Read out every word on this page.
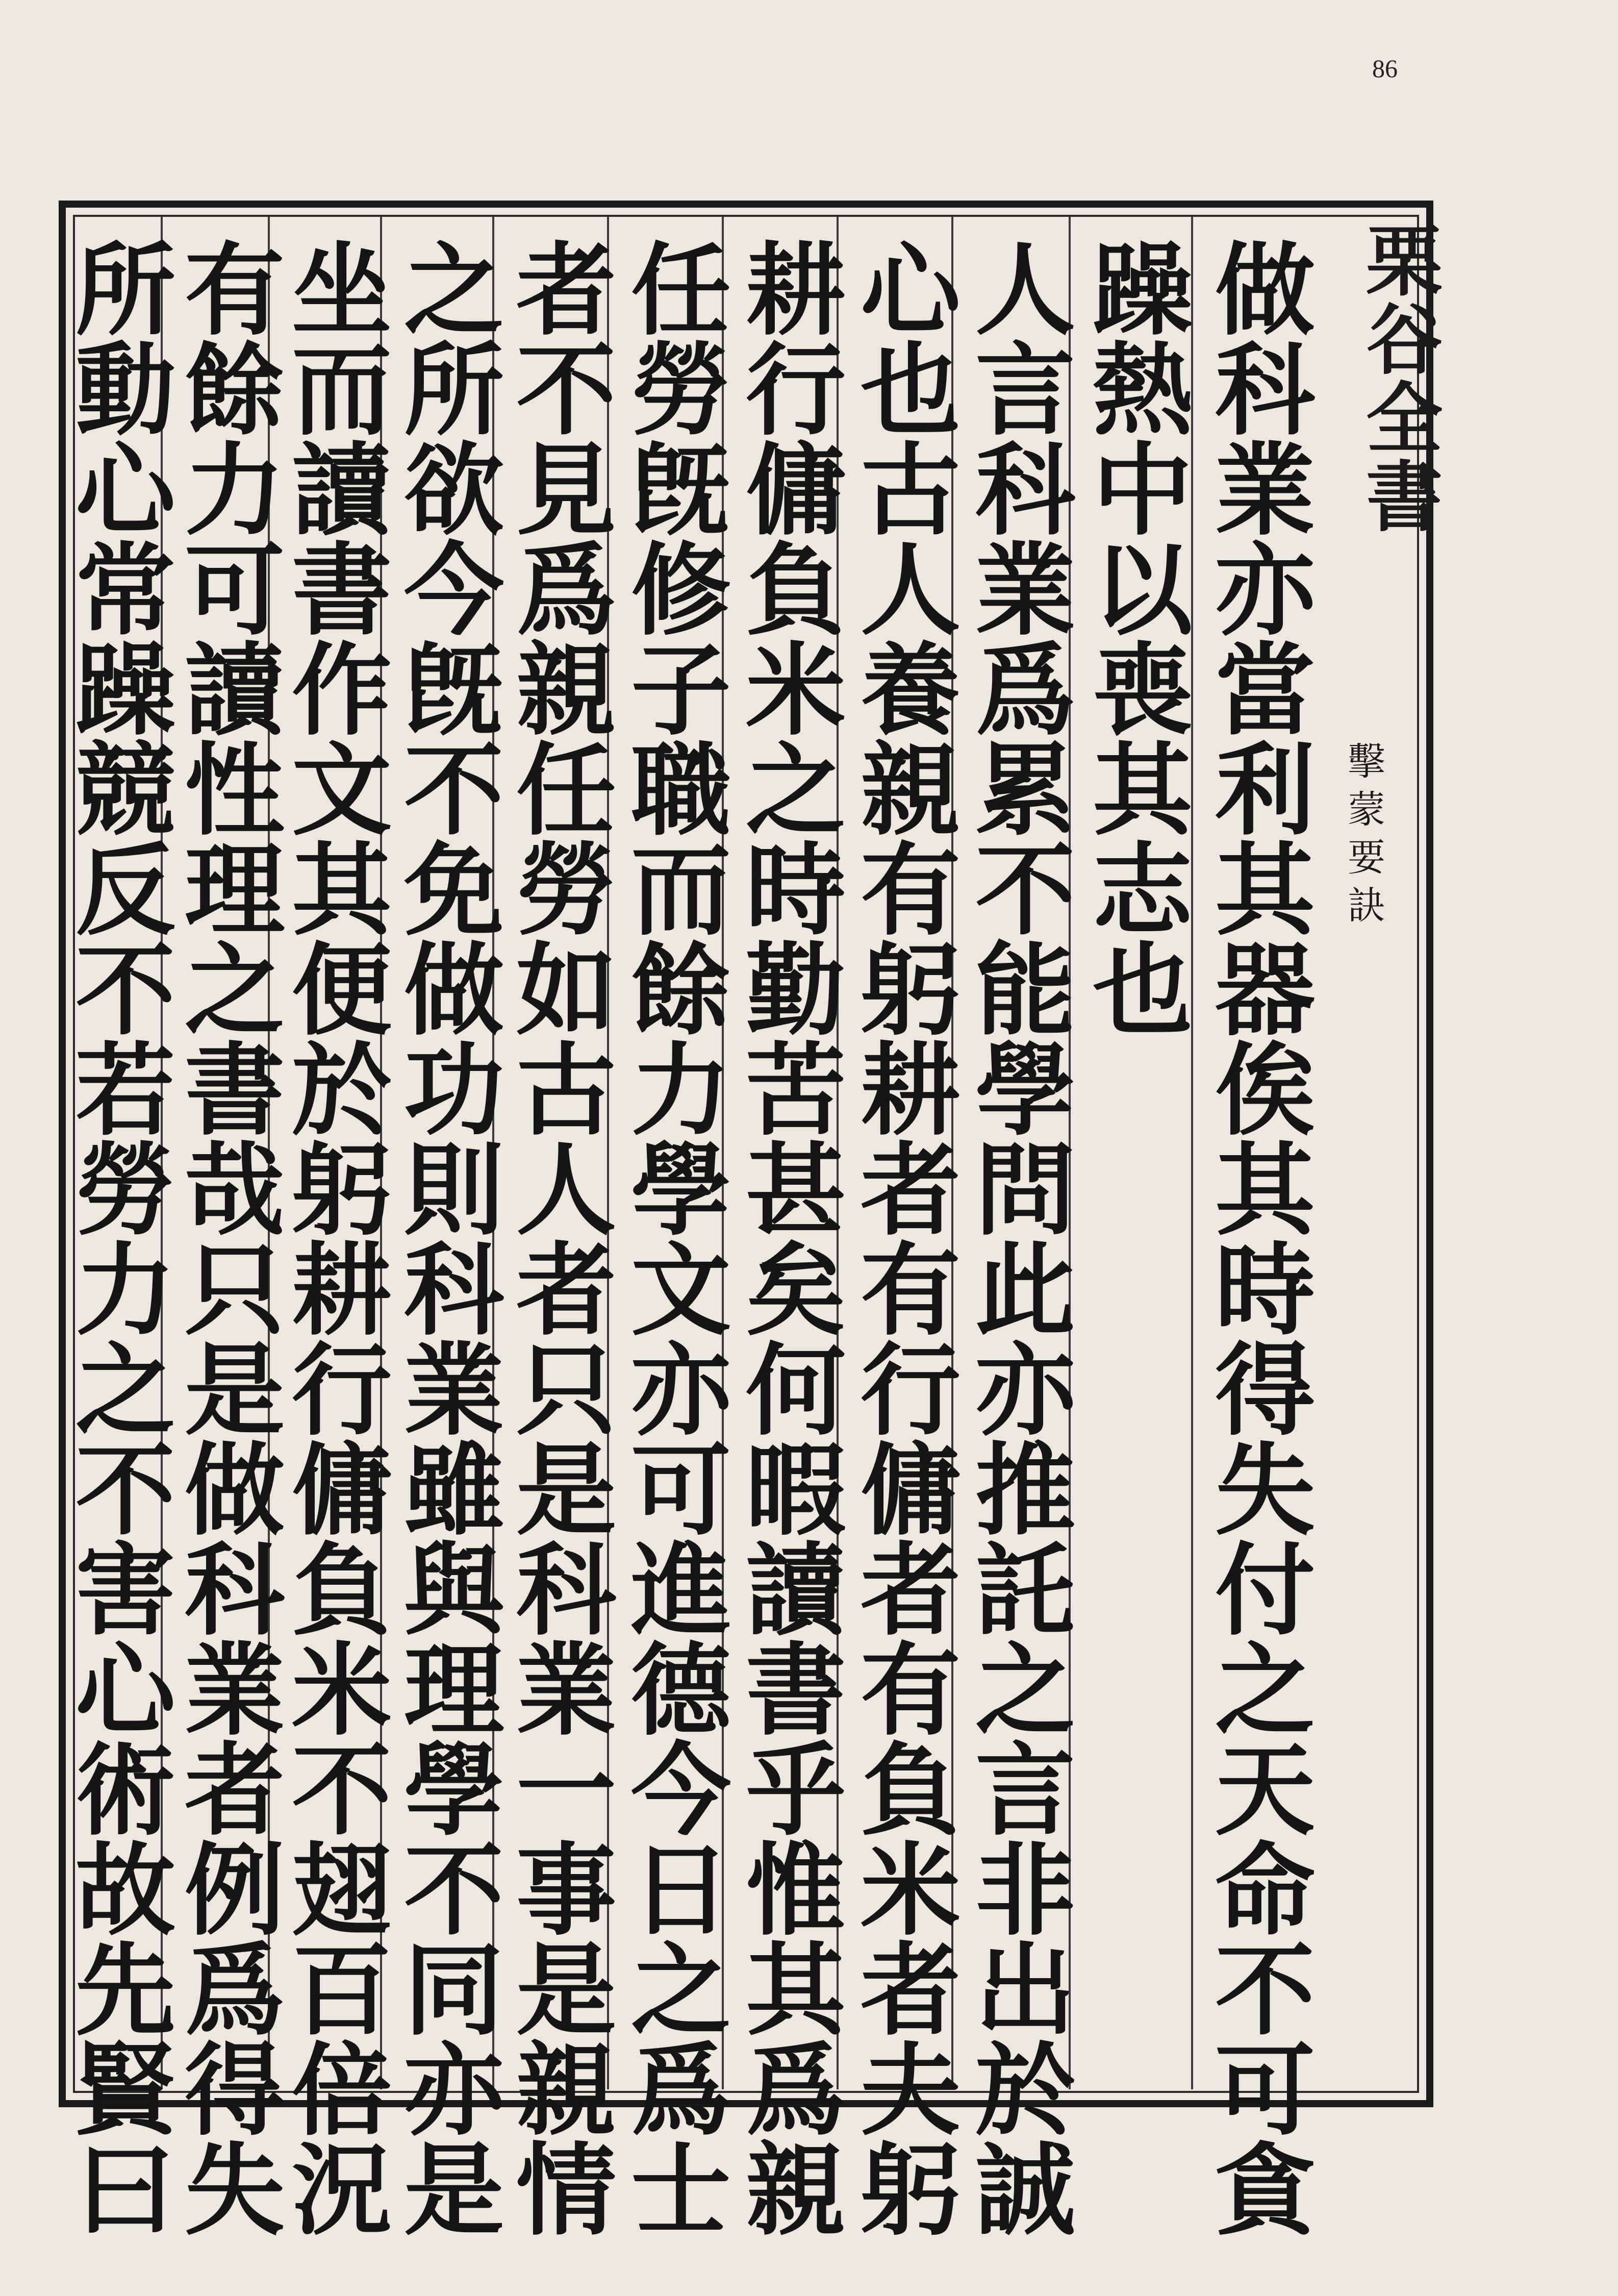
86
栗谷全書
擊蒙要訣
做科業亦當利其器俟其時得失付之天命不可貪
躁熱中以喪其志也
人言科業爲累不能學問此亦推託之言非出於誠
心也古人養親有躬耕者有行傭者有負米者夫躬
耕行傭負米之時勤苦甚矣何暇讀書乎惟其爲親
任勞旣修子職而餘力學文亦可進德今日之爲士
者不見爲親任勞如古人者只是科業一事是親情
之所欲今旣不免做功則科業雖與理學不同亦是
坐而讀書作文其便於躬耕行傭負米不翅百倍況
有餘力可讀性理之書哉只是做科業者例爲得失
所動心常躁競反不若勞力之不害心術故先賢曰
